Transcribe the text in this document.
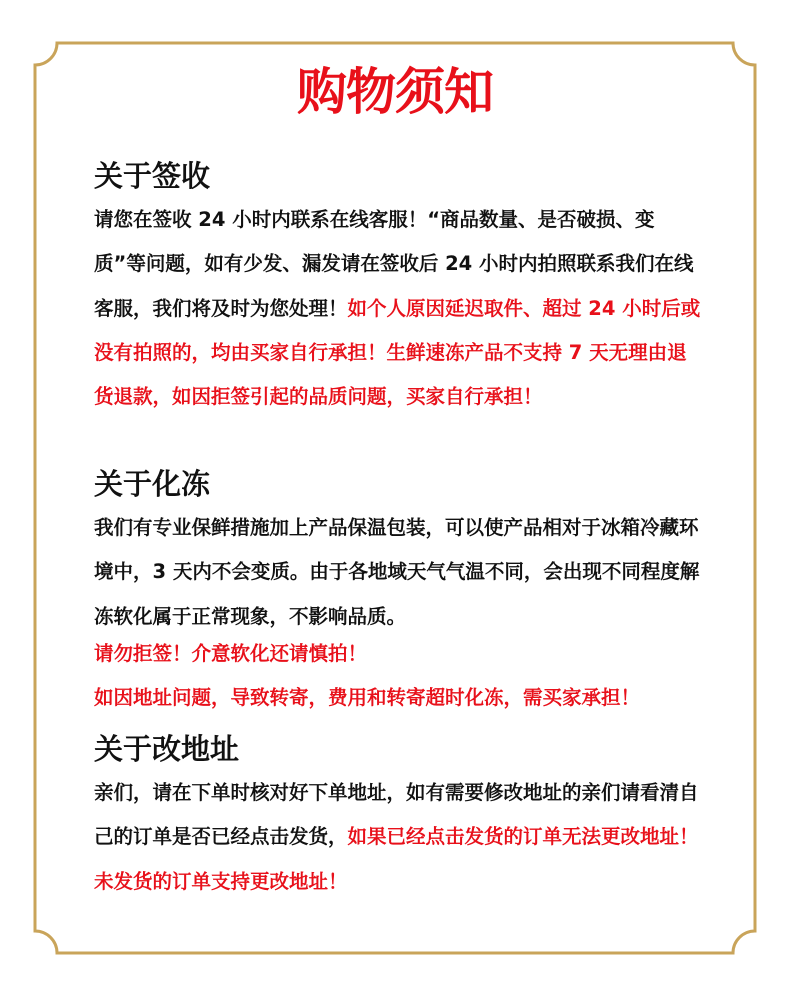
购物须知
关于签收

请您在签收 24 小时内联系在线客服！“商品数量、是否破损、变质”等问题，如有少发、漏发请在签收后 24 小时内拍照联系我们在线客服，我们将及时为您处理！如个人原因延迟取件、超过 24 小时后或没有拍照的，均由买家自行承担！生鲜速冻产品不支持 7 天无理由退货退款，如因拒签引起的品质问题，买家自行承担！

关于化冻

我们有专业保鲜措施加上产品保温包装，可以使产品相对于冰箱冷藏环境中，3 天内不会变质。由于各地域天气气温不同，会出现不同程度解冻软化属于正常现象，不影响品质。

请勿拒签！介意软化还请慎拍！

如因地址问题，导致转寄，费用和转寄超时化冻，需买家承担！

关于改地址

亲们，请在下单时核对好下单地址，如有需要修改地址的亲们请看清自己的订单是否已经点击发货，如果已经点击发货的订单无法更改地址！未发货的订单支持更改地址！
